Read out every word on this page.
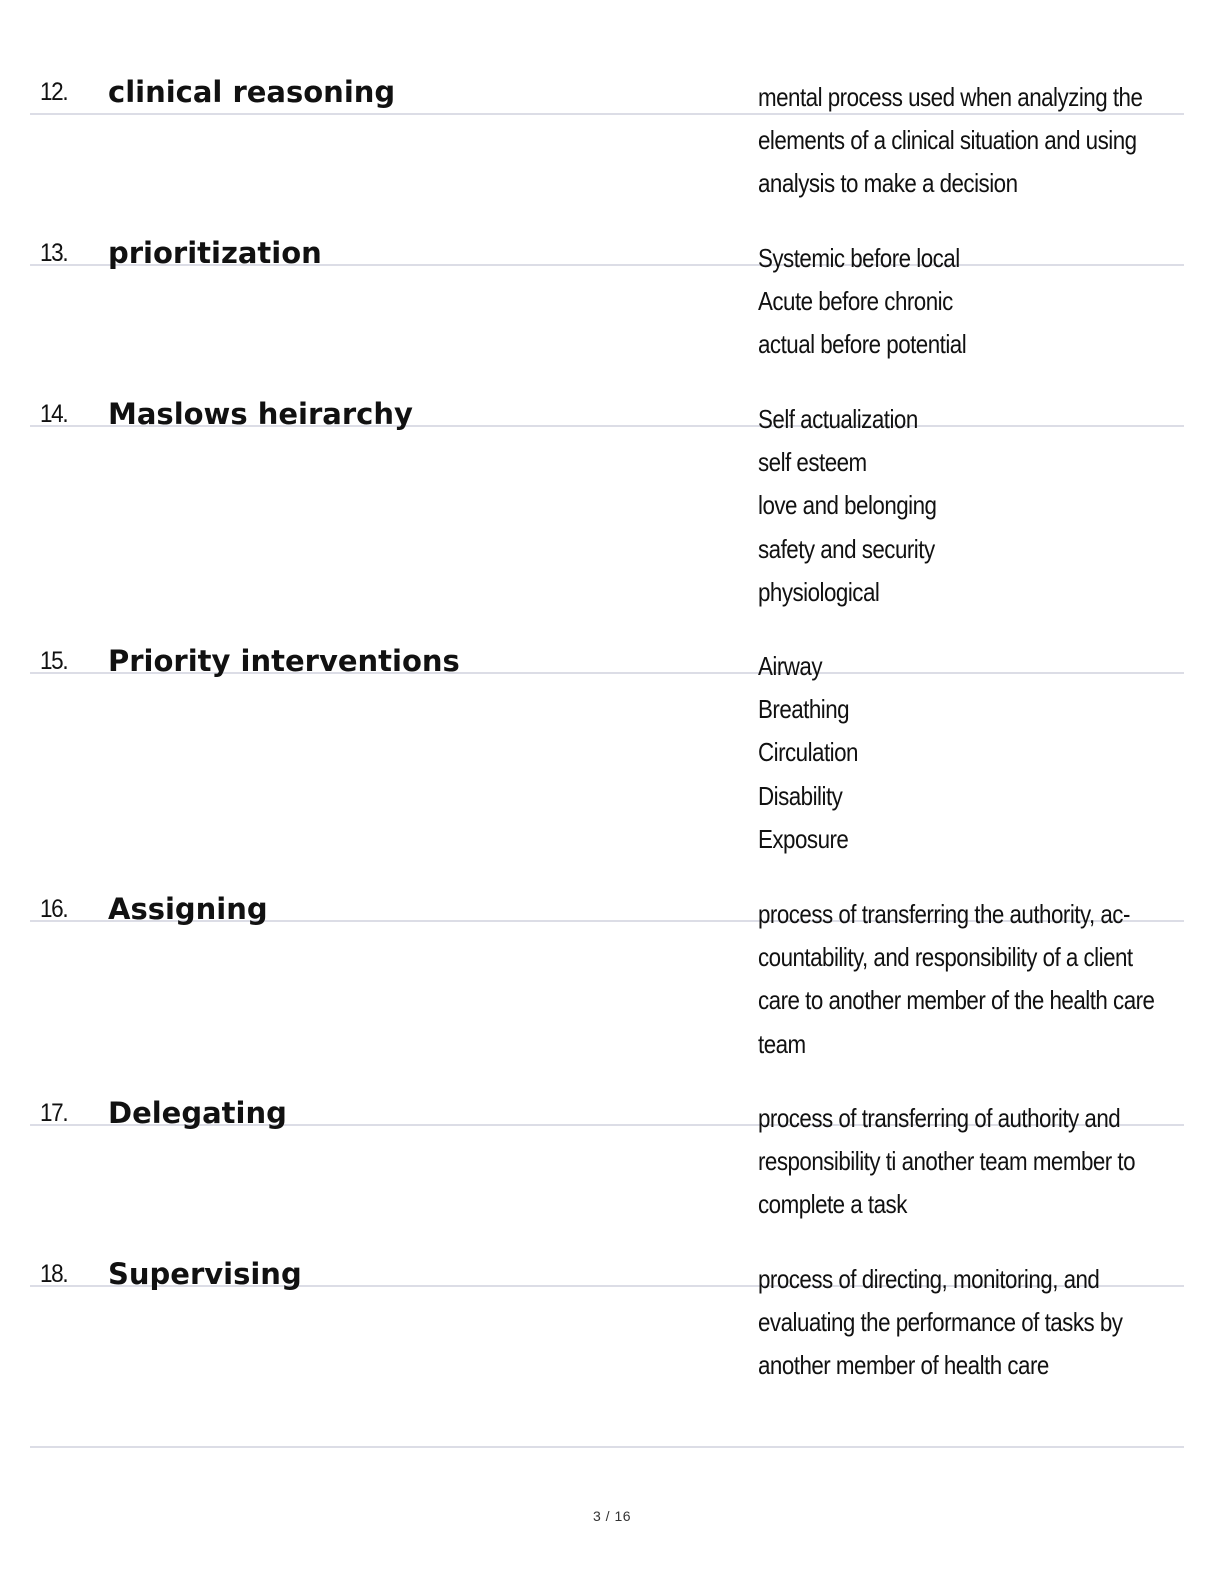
12. clinical reasoning	mental process used when analyzing the
elements of a clinical situation and using
analysis to make a decision
13. prioritization	Systemic before local
Acute before chronic
actual before potential
14. Maslows heirarchy	Self actualization
self esteem
love and belonging
safety and security
physiological
15. Priority interventions	Airway
Breathing
Circulation
Disability
Exposure
16. Assigning	process of transferring the authority, ac-
countability, and responsibility of a client
care to another member of the health care
team
17. Delegating	process of transferring of authority and
responsibility ti another team member to
complete a task
18. Supervising	process of directing, monitoring, and
evaluating the performance of tasks by
another member of health care
3 / 16
